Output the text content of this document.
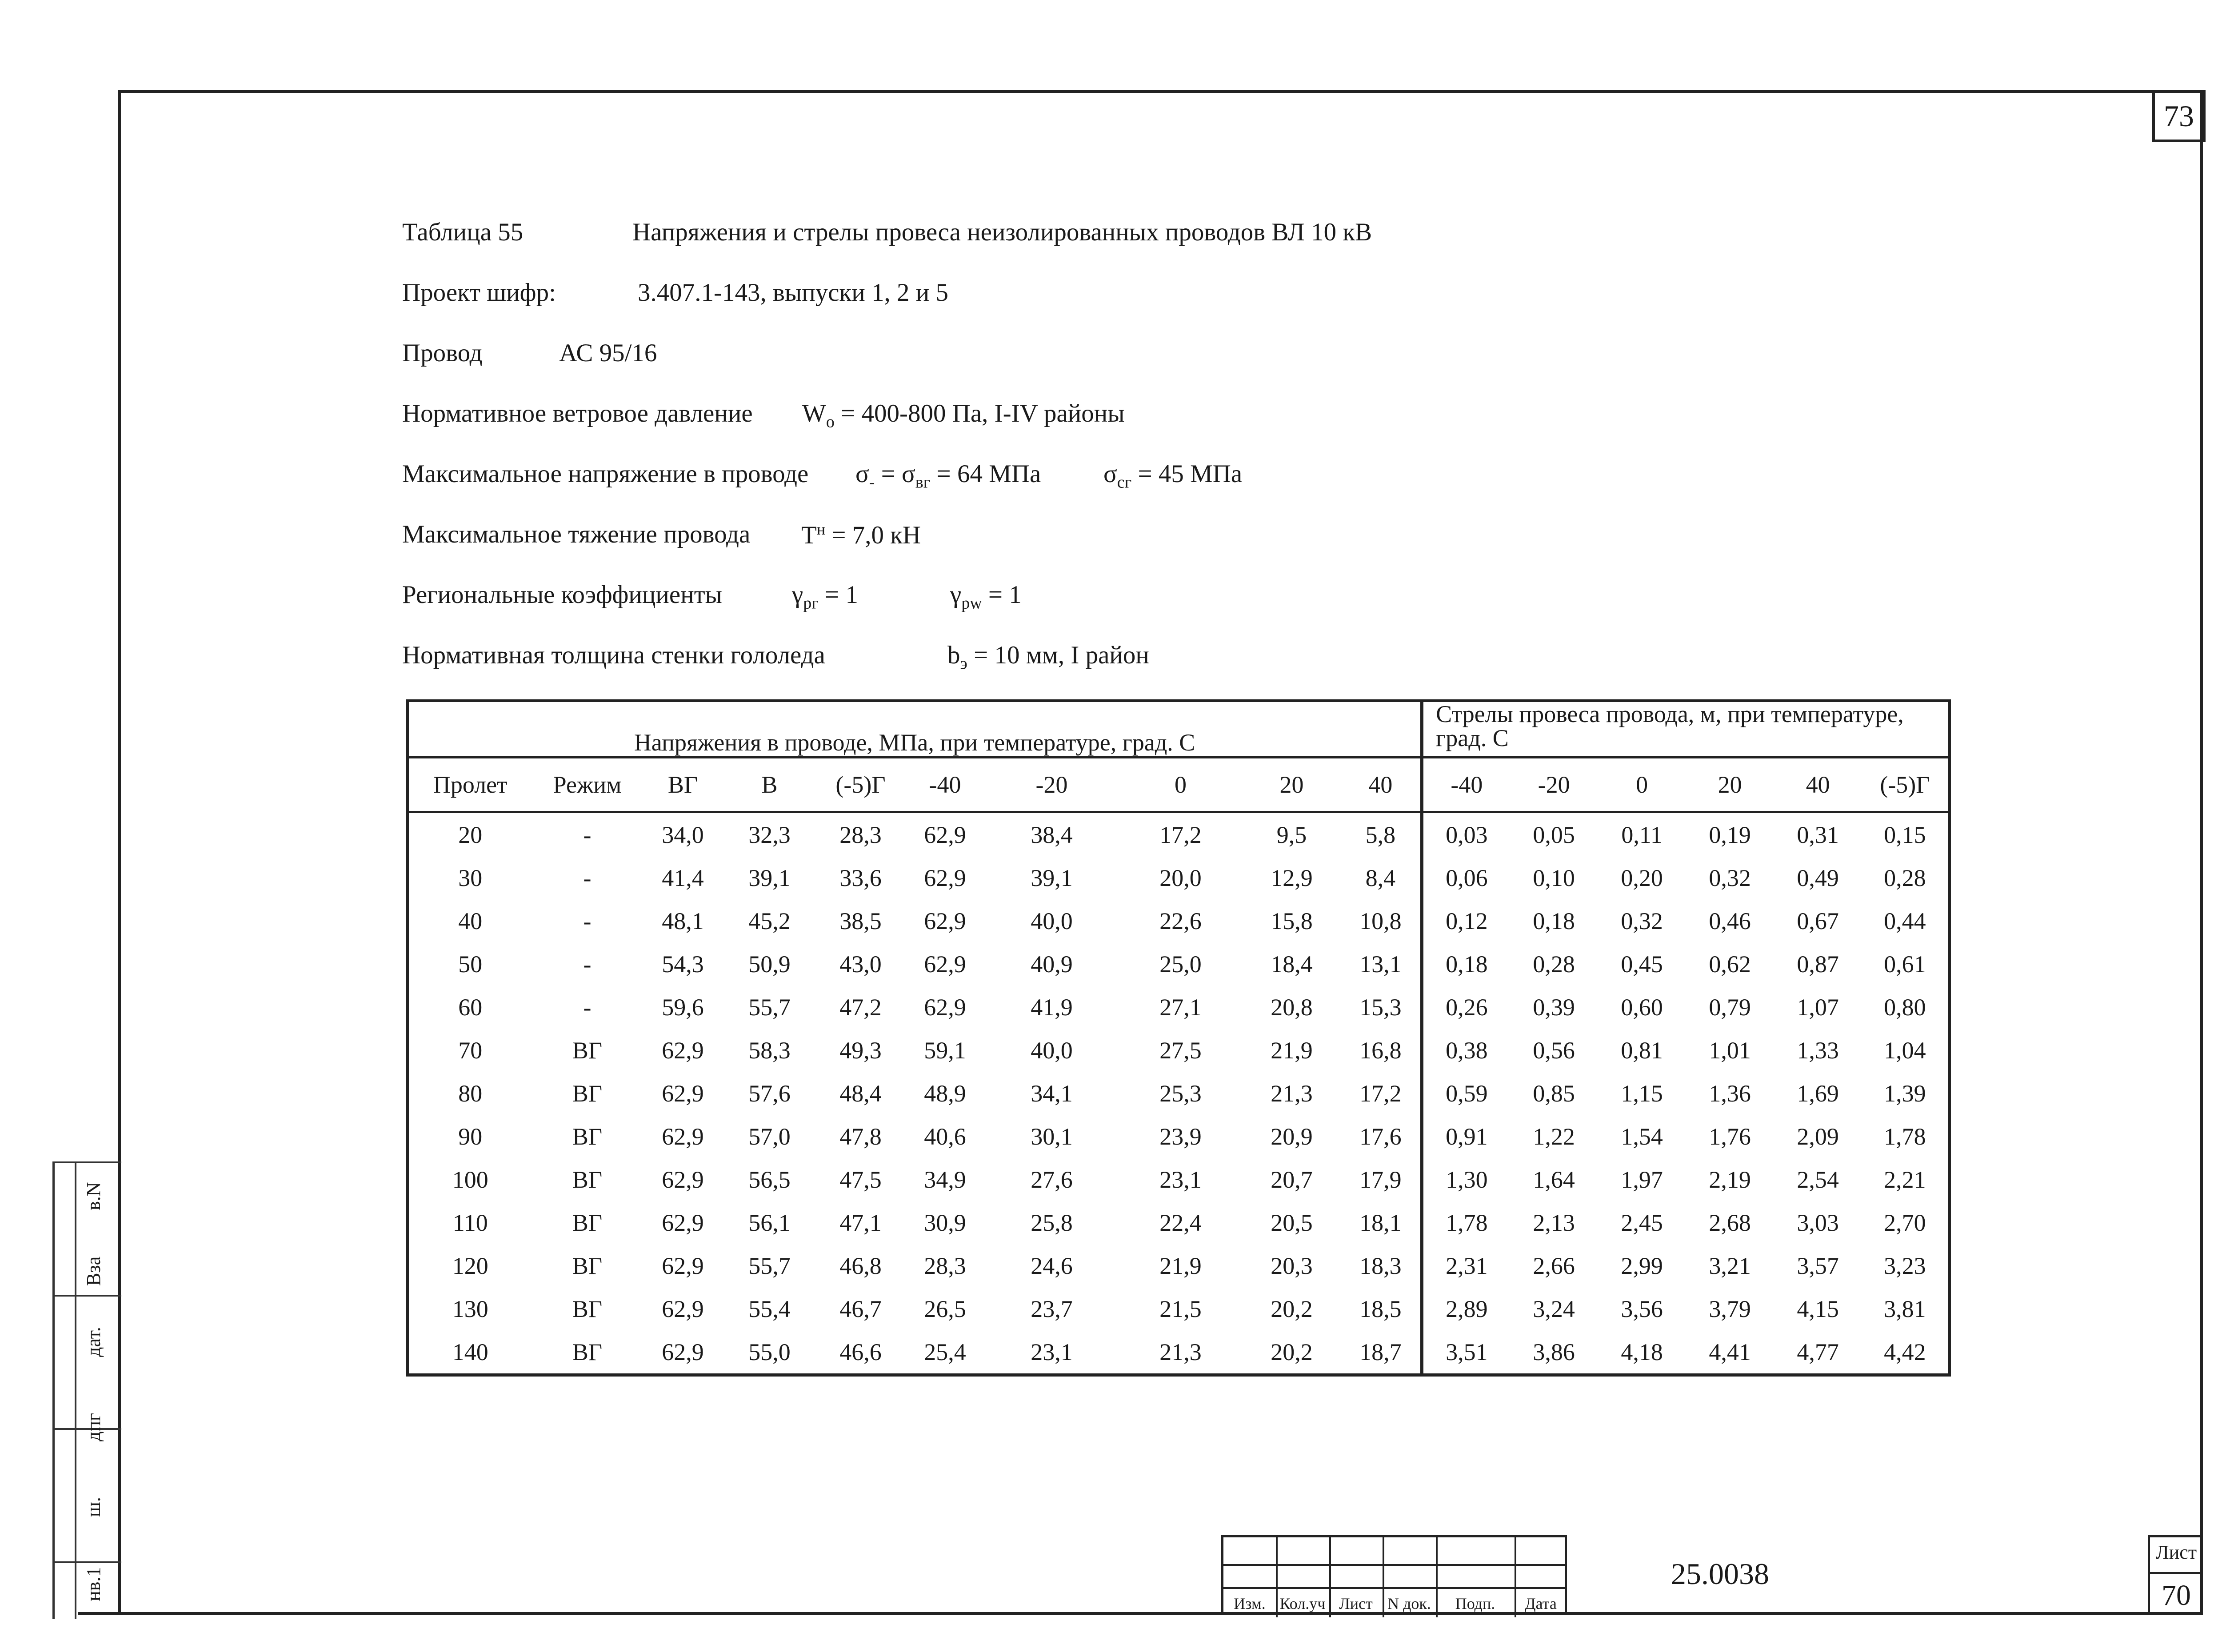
73
Таблица 55	Напряжения и стрелы провеса неизолированных проводов ВЛ 10 кВ
Проект шифр:	3.407.1-143, выпуски 1, 2 и 5
Провод	АС 95/16
Нормативное ветровое давление $W_o = 400-800$ Па, I-IV районы
Максимальное напряжение в проводе $\sigma_- = \sigma_{вг} = 64$ МПа $\sigma_{сг} = 45$ МПа
Максимальное тяжение провода $T^н = 7,0$ кН
Региональные коэффициенты	$\gamma_{pг} = 1$	$\gamma_{pw} = 1$
Нормативная толщина стенки гололеда	$b_э = 10$ мм, I район
Напряжения в проводе, МПа, при температуре, град. С										Стрелы провеса провода, м, при температуре, град. С					
Пролет	Режим	ВГ	В	(-5)Г	-40	-20	0	20	40	-40	-20	0	20	40	(-5)Г
20	-	34,0	32,3	28,3	62,9	38,4	17,2	9,5	5,8	0,03	0,05	0,11	0,19	0,31	0,15
30	-	41,4	39,1	33,6	62,9	39,1	20,0	12,9	8,4	0,06	0,10	0,20	0,32	0,49	0,28
40	-	48,1	45,2	38,5	62,9	40,0	22,6	15,8	10,8	0,12	0,18	0,32	0,46	0,67	0,44
50	-	54,3	50,9	43,0	62,9	40,9	25,0	18,4	13,1	0,18	0,28	0,45	0,62	0,87	0,61
60	-	59,6	55,7	47,2	62,9	41,9	27,1	20,8	15,3	0,26	0,39	0,60	0,79	1,07	0,80
70	ВГ	62,9	58,3	49,3	59,1	40,0	27,5	21,9	16,8	0,38	0,56	0,81	1,01	1,33	1,04
80	ВГ	62,9	57,6	48,4	48,9	34,1	25,3	21,3	17,2	0,59	0,85	1,15	1,36	1,69	1,39
90	ВГ	62,9	57,0	47,8	40,6	30,1	23,9	20,9	17,6	0,91	1,22	1,54	1,76	2,09	1,78
100	ВГ	62,9	56,5	47,5	34,9	27,6	23,1	20,7	17,9	1,30	1,64	1,97	2,19	2,54	2,21
110	ВГ	62,9	56,1	47,1	30,9	25,8	22,4	20,5	18,1	1,78	2,13	2,45	2,68	3,03	2,70
120	ВГ	62,9	55,7	46,8	28,3	24,6	21,9	20,3	18,3	2,31	2,66	2,99	3,21	3,57	3,23
130	ВГ	62,9	55,4	46,7	26,5	23,7	21,5	20,2	18,5	2,89	3,24	3,56	3,79	4,15	3,81
140	ВГ	62,9	55,0	46,6	25,4	23,1	21,3	20,2	18,7	3,51	3,86	4,18	4,41	4,77	4,42
в.N
Вза
дат.
дпг
ш.
нв.1
Изм. Кол.уч Лист N док.	Подп.	Дата
25.0038
Лист
70
